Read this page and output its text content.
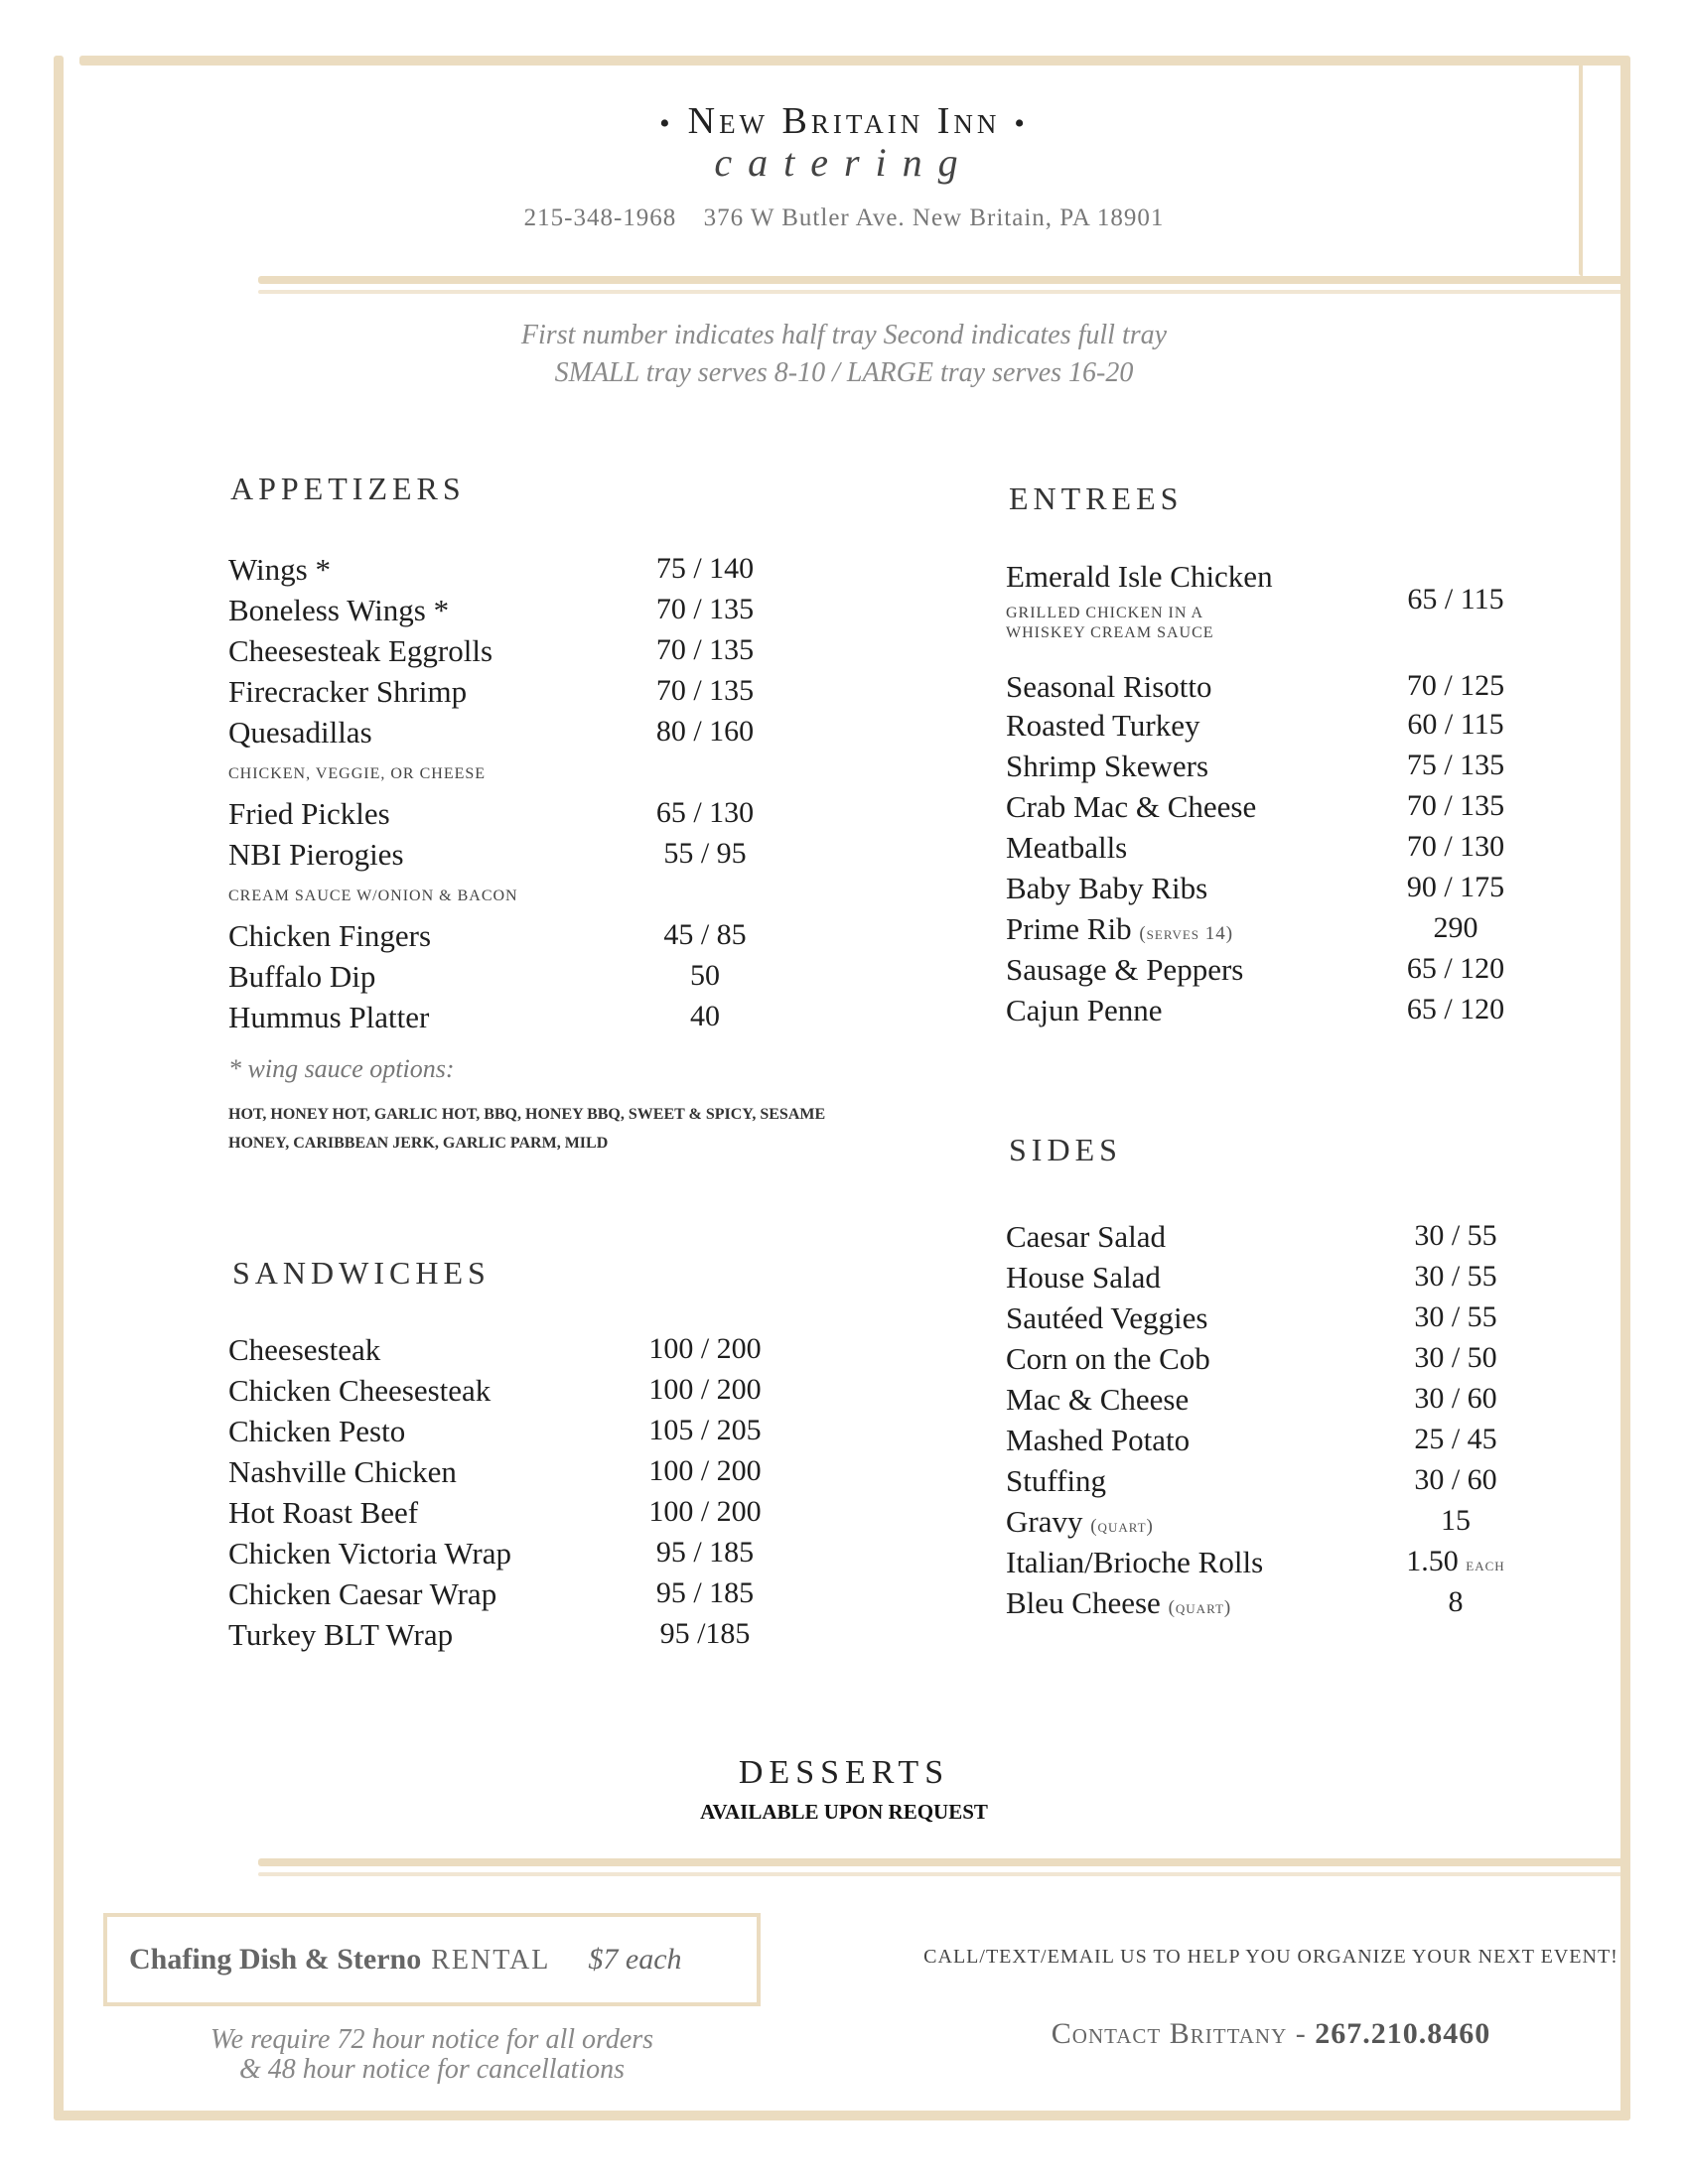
• New Britain Inn •
catering
215-348-1968 376 W Butler Ave. New Britain, PA 18901
First number indicates half tray Second indicates full tray
SMALL tray serves 8-10 / LARGE tray serves 16-20
APPETIZERS
Wings *	75 / 140
Boneless Wings *	70 / 135
Cheesesteak Eggrolls	70 / 135
Firecracker Shrimp	70 / 135
Quesadillas	80 / 160
CHICKEN, VEGGIE, OR CHEESE
Fried Pickles	65 / 130
NBI Pierogies	55 / 95
CREAM SAUCE W/ONION & BACON
Chicken Fingers	45 / 85
Buffalo Dip	50
Hummus Platter	40
* wing sauce options:
HOT, HONEY HOT, GARLIC HOT, BBQ, HONEY BBQ, SWEET & SPICY, SESAME HONEY, CARIBBEAN JERK, GARLIC PARM, MILD
SANDWICHES
Cheesesteak	100 / 200
Chicken Cheesesteak	100 / 200
Chicken Pesto	105 / 205
Nashville Chicken	100 / 200
Hot Roast Beef	100 / 200
Chicken Victoria Wrap	95 / 185
Chicken Caesar Wrap	95 / 185
Turkey BLT Wrap	95 /185
ENTREES
Emerald Isle Chicken
GRILLED CHICKEN IN A
WHISKEY CREAM SAUCE
65 / 115
Seasonal Risotto	70 / 125
Roasted Turkey	60 / 115
Shrimp Skewers	75 / 135
Crab Mac & Cheese	70 / 135
Meatballs	70 / 130
Baby Baby Ribs	90 / 175
Prime Rib (serves 14)	290
Sausage & Peppers	65 / 120
Cajun Penne	65 / 120
SIDES
Caesar Salad	30 / 55
House Salad	30 / 55
Sautéed Veggies	30 / 55
Corn on the Cob	30 / 50
Mac & Cheese	30 / 60
Mashed Potato	25 / 45
Stuffing	30 / 60
Gravy (quart)	15
Italian/Brioche Rolls	1.50 each
Bleu Cheese (quart)	8
DESSERTS
AVAILABLE UPON REQUEST
Chafing Dish & Sterno RENTAL $7 each
We require 72 hour notice for all orders
& 48 hour notice for cancellations
CALL/TEXT/EMAIL US TO HELP YOU ORGANIZE YOUR NEXT EVENT!
Contact Brittany - 267.210.8460
